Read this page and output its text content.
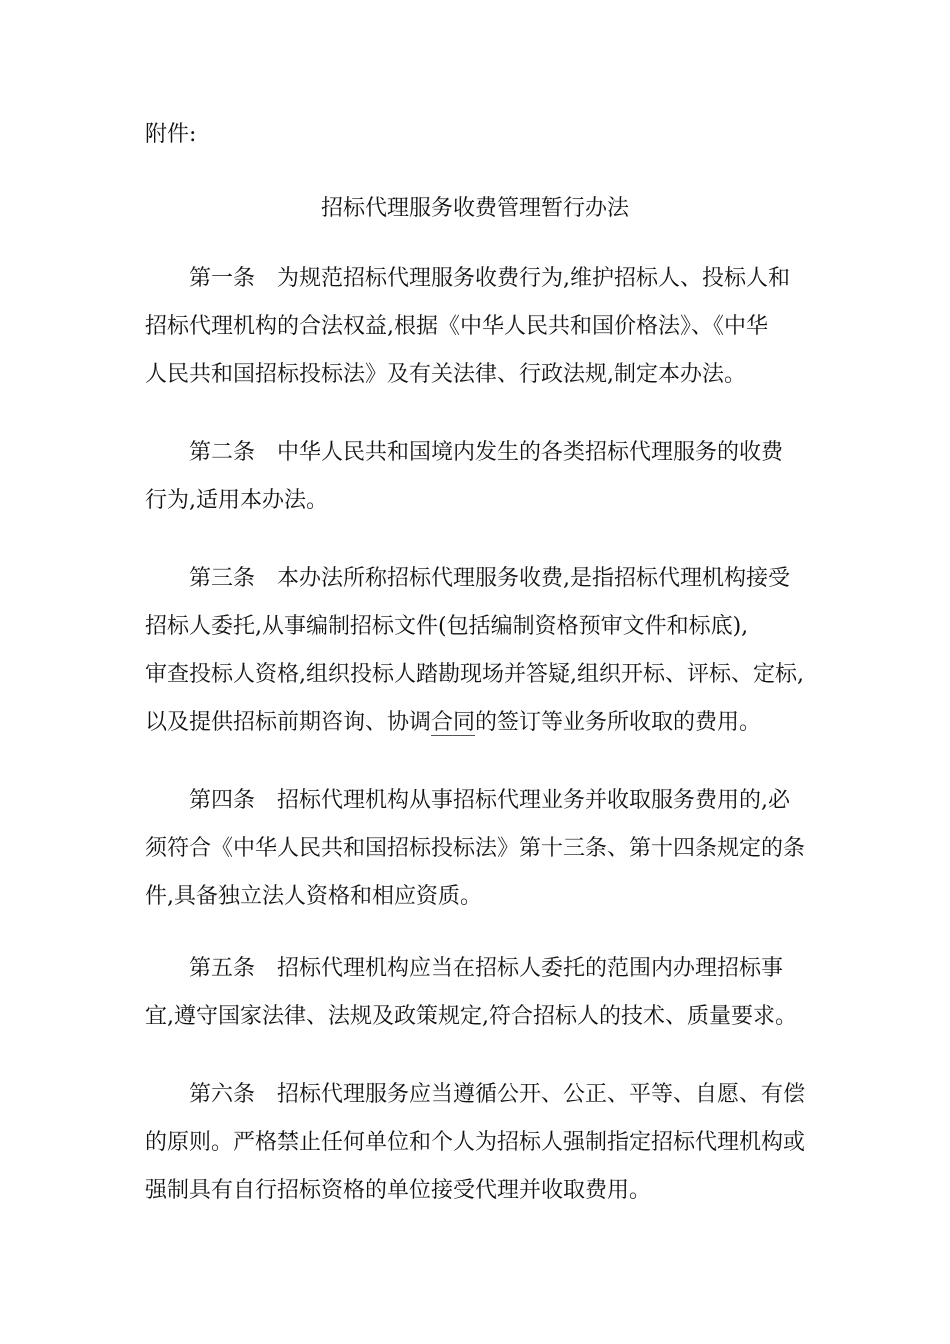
附件:

招标代理服务收费管理暂行办法
第一条 为规范招标代理服务收费行为,维护招标人、投标人和
招标代理机构的合法权益,根据《中华人民共和国价格法》、《中华
人民共和国招标投标法》及有关法律、行政法规,制定本办法。
第二条 中华人民共和国境内发生的各类招标代理服务的收费
行为,适用本办法。
第三条 本办法所称招标代理服务收费,是指招标代理机构接受
招标人委托,从事编制招标文件(包括编制资格预审文件和标底),
审查投标人资格,组织投标人踏勘现场并答疑,组织开标、评标、定标,
以及提供招标前期咨询、协调合同的签订等业务所收取的费用。
第四条 招标代理机构从事招标代理业务并收取服务费用的,必
须符合《中华人民共和国招标投标法》第十三条、第十四条规定的条
件,具备独立法人资格和相应资质。
第五条 招标代理机构应当在招标人委托的范围内办理招标事
宜,遵守国家法律、法规及政策规定,符合招标人的技术、质量要求。
第六条 招标代理服务应当遵循公开、公正、平等、自愿、有偿
的原则。严格禁止任何单位和个人为招标人强制指定招标代理机构或
强制具有自行招标资格的单位接受代理并收取费用。
